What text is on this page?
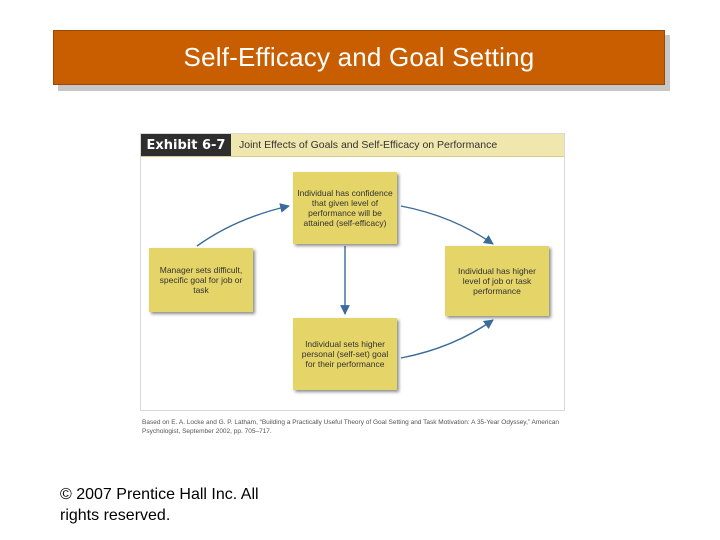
Self-Efficacy and Goal Setting
Exhibit 6-7	Joint Effects of Goals and Self-Efficacy on Performance
Individual has confidence that given level of performance will be attained (self-efficacy)
Manager sets difficult, specific goal for job or task
Individual has higher level of job or task performance
Individual sets higher personal (self-set) goal for their performance
Based on E. A. Locke and G. P. Latham, “Building a Practically Useful Theory of Goal Setting and Task Motivation: A 35-Year Odyssey,” American Psychologist, September 2002, pp. 705–717.
© 2007 Prentice Hall Inc. All rights reserved.
